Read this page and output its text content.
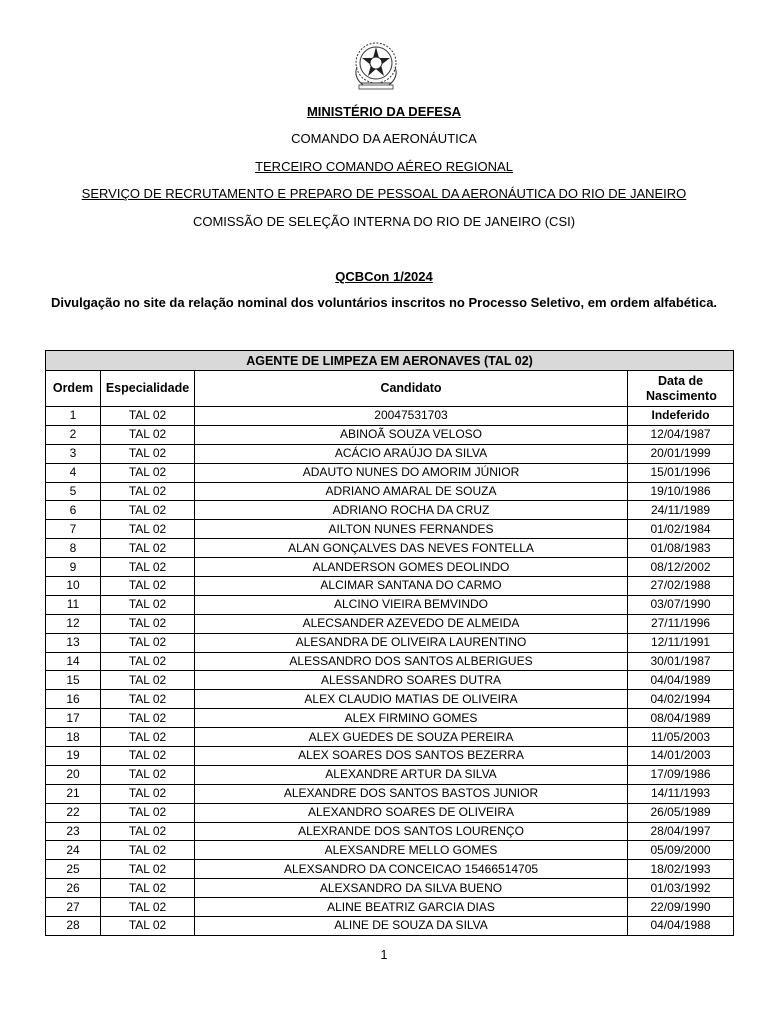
MINISTÉRIO DA DEFESA
COMANDO DA AERONÁUTICA
TERCEIRO COMANDO AÉREO REGIONAL
SERVIÇO DE RECRUTAMENTO E PREPARO DE PESSOAL DA AERONÁUTICA DO RIO DE JANEIRO
COMISSÃO DE SELEÇÃO INTERNA DO RIO DE JANEIRO (CSI)
QCBCon 1/2024
Divulgação no site da relação nominal dos voluntários inscritos no Processo Seletivo, em ordem alfabética.
AGENTE DE LIMPEZA EM AERONAVES (TAL 02)			
Ordem	Especialidade	Candidato	Data de Nascimento
1	TAL 02	20047531703	Indeferido
2	TAL 02	ABINOÃ SOUZA VELOSO	12/04/1987
3	TAL 02	ACÁCIO ARAÚJO DA SILVA	20/01/1999
4	TAL 02	ADAUTO NUNES DO AMORIM JÚNIOR	15/01/1996
5	TAL 02	ADRIANO AMARAL DE SOUZA	19/10/1986
6	TAL 02	ADRIANO ROCHA DA CRUZ	24/11/1989
7	TAL 02	AILTON NUNES FERNANDES	01/02/1984
8	TAL 02	ALAN GONÇALVES DAS NEVES FONTELLA	01/08/1983
9	TAL 02	ALANDERSON GOMES DEOLINDO	08/12/2002
10	TAL 02	ALCIMAR SANTANA DO CARMO	27/02/1988
11	TAL 02	ALCINO VIEIRA BEMVINDO	03/07/1990
12	TAL 02	ALECSANDER AZEVEDO DE ALMEIDA	27/11/1996
13	TAL 02	ALESANDRA DE OLIVEIRA LAURENTINO	12/11/1991
14	TAL 02	ALESSANDRO DOS SANTOS ALBERIGUES	30/01/1987
15	TAL 02	ALESSANDRO SOARES DUTRA	04/04/1989
16	TAL 02	ALEX CLAUDIO MATIAS DE OLIVEIRA	04/02/1994
17	TAL 02	ALEX FIRMINO GOMES	08/04/1989
18	TAL 02	ALEX GUEDES DE SOUZA PEREIRA	11/05/2003
19	TAL 02	ALEX SOARES DOS SANTOS BEZERRA	14/01/2003
20	TAL 02	ALEXANDRE ARTUR DA SILVA	17/09/1986
21	TAL 02	ALEXANDRE DOS SANTOS BASTOS JUNIOR	14/11/1993
22	TAL 02	ALEXANDRO SOARES DE OLIVEIRA	26/05/1989
23	TAL 02	ALEXRANDE DOS SANTOS LOURENÇO	28/04/1997
24	TAL 02	ALEXSANDRE MELLO GOMES	05/09/2000
25	TAL 02	ALEXSANDRO DA CONCEICAO 15466514705	18/02/1993
26	TAL 02	ALEXSANDRO DA SILVA BUENO	01/03/1992
27	TAL 02	ALINE BEATRIZ GARCIA DIAS	22/09/1990
28	TAL 02	ALINE DE SOUZA DA SILVA	04/04/1988
1
